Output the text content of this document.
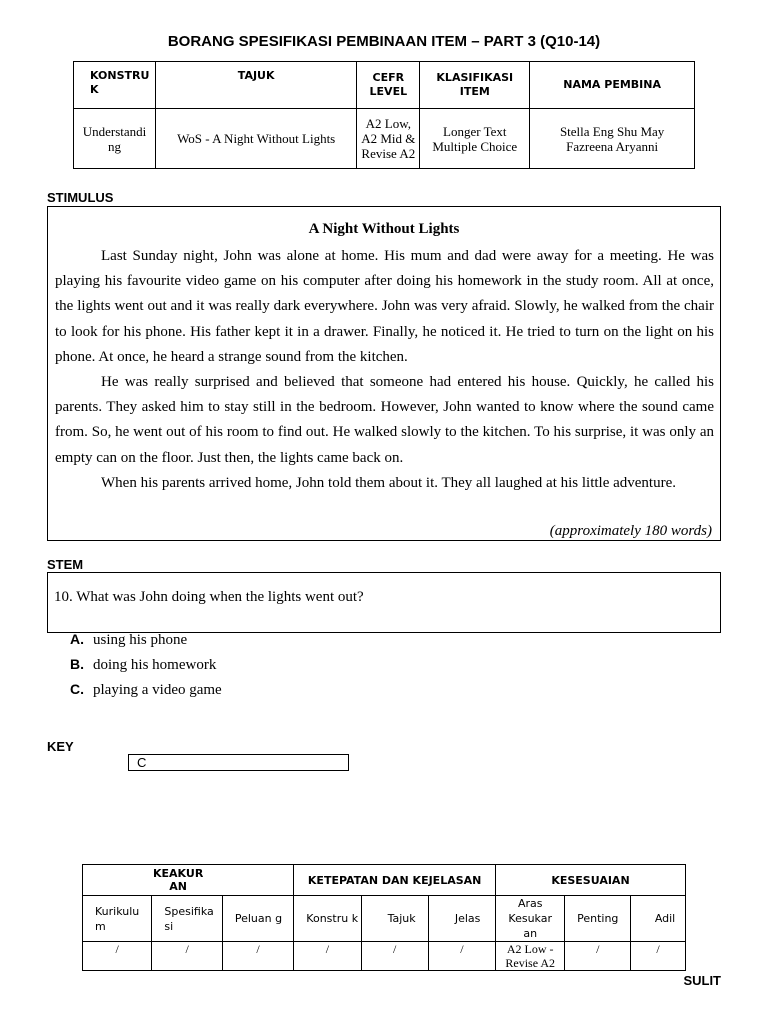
BORANG SPESIFIKASI PEMBINAAN ITEM – PART 3 (Q10-14)
KONSTRU K	TAJUK	CEFR LEVEL	KLASIFIKASI ITEM	NAMA PEMBINA
Understandi ng	WoS - A Night Without Lights	A2 Low, A2 Mid & Revise A2	Longer Text Multiple Choice	Stella Eng Shu May Fazreena Aryanni
STIMULUS
A Night Without Lights

Last Sunday night, John was alone at home. His mum and dad were away for a meeting. He was playing his favourite video game on his computer after doing his homework in the study room. All at once, the lights went out and it was really dark everywhere. John was very afraid. Slowly, he walked from the chair to look for his phone. His father kept it in a drawer. Finally, he noticed it. He tried to turn on the light on his phone. At once, he heard a strange sound from the kitchen.

He was really surprised and believed that someone had entered his house. Quickly, he called his parents. They asked him to stay still in the bedroom. However, John wanted to know where the sound came from. So, he went out of his room to find out. He walked slowly to the kitchen. To his surprise, it was only an empty can on the floor. Just then, the lights came back on.

When his parents arrived home, John told them about it. They all laughed at his little adventure.

(approximately 180 words)
STEM
10. What was John doing when the lights went out?
A. using his phone
B. doing his homework
C. playing a video game
KEY
C
KEAKUR AN			KETEPATAN DAN KEJELASAN			KESESUAIAN		
Kurikulu m	Spesifika si	Peluan g	Konstru k	Tajuk	Jelas	Aras Kesukar an	Penting	Adil
/	/	/	/	/	/	A2 Low - Revise A2	/	/
SULIT
